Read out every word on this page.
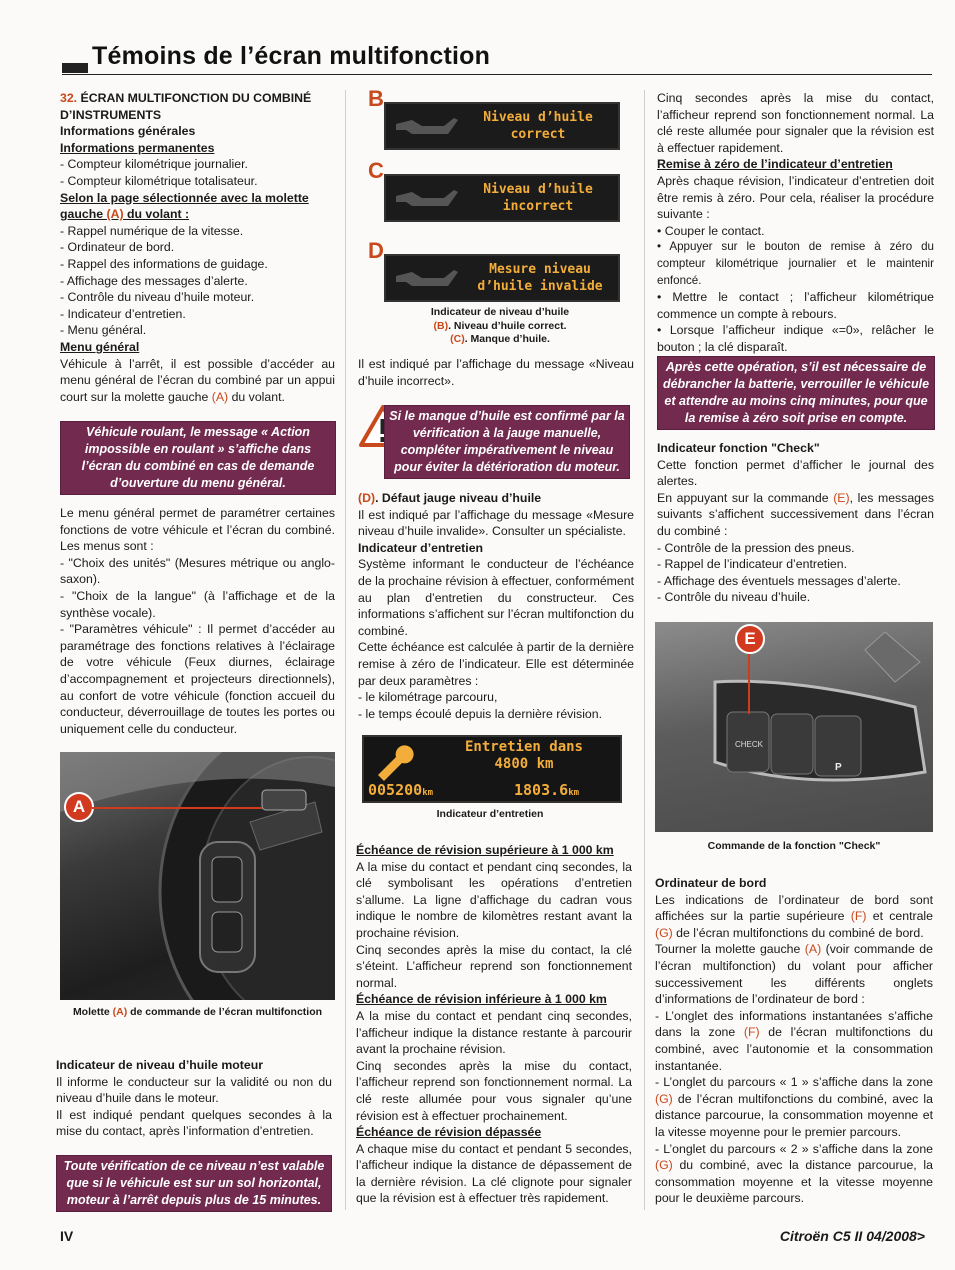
Témoins de l’écran multifonction

32. ÉCRAN MULTIFONCTION DU COMBINÉ D’INSTRUMENTS

Informations générales

Informations permanentes

- Compteur kilométrique journalier.

- Compteur kilométrique totalisateur.

Selon la page sélectionnée avec la molette gauche (A) du volant :

- Rappel numérique de la vitesse.

- Ordinateur de bord.

- Rappel des informations de guidage.

- Affichage des messages d’alerte.

- Contrôle du niveau d’huile moteur.

- Indicateur d’entretien.

- Menu général.

Menu général

Véhicule à l’arrêt, il est possible d’accéder au menu général de l’écran du combiné par un appui court sur la molette gauche (A) du volant.

Véhicule roulant, le message « Action impossible en roulant » s’affiche dans l’écran du combiné en cas de demande d’ouverture du menu général.

Le menu général permet de paramétrer certaines fonctions de votre véhicule et l’écran du combiné. Les menus sont :

- "Choix des unités" (Mesures métrique ou anglo-saxon).

- "Choix de la langue" (à l’affichage et de la synthèse vocale).

- "Paramètres véhicule" : Il permet d’accéder au paramétrage des fonctions relatives à l’éclairage de votre véhicule (Feux diurnes, éclairage d’accompagnement et projecteurs directionnels), au confort de votre véhicule (fonction accueil du conducteur, déverrouillage de toutes les portes ou uniquement celle du conducteur.

A

Molette (A) de commande de l’écran multifonction

Indicateur de niveau d’huile moteur

Il informe le conducteur sur la validité ou non du niveau d’huile dans le moteur.

Il est indiqué pendant quelques secondes à la mise du contact, après l’information d’entretien.

Toute vérification de ce niveau n’est valable que si le véhicule est sur un sol horizontal, moteur à l’arrêt depuis plus de 15 minutes.
B
Niveau d’huile correct
C
Niveau d’huile incorrect
D
Mesure niveau d’huile invalide
Indicateur de niveau d’huile
(B). Niveau d’huile correct.
(C). Manque d’huile.
Il est indiqué par l’affichage du message «Niveau d’huile incorrect».
Si le manque d’huile est confirmé par la vérification à la jauge manuelle, compléter impérativement le niveau pour éviter la détérioration du moteur.

(D). Défaut jauge niveau d’huile

Il est indiqué par l’affichage du message «Mesure niveau d’huile invalide». Consulter un spécialiste.

Indicateur d’entretien

Système informant le conducteur de l’échéance de la prochaine révision à effectuer, conformément au plan d’entretien du constructeur. Ces informations s’affichent sur l’écran multifonction du combiné.

Cette échéance est calculée à partir de la dernière remise à zéro de l’indicateur. Elle est déterminée par deux paramètres :

- le kilométrage parcouru,

- le temps écoulé depuis la dernière révision.

Entretien dans
4800 km
005200km	1803.6km
Indicateur d’entretien

Échéance de révision supérieure à 1 000 km

A la mise du contact et pendant cinq secondes, la clé symbolisant les opérations d’entretien s’allume. La ligne d’affichage du cadran vous indique le nombre de kilomètres restant avant la prochaine révision.

Cinq secondes après la mise du contact, la clé s’éteint. L’afficheur reprend son fonctionnement normal.

Échéance de révision inférieure à 1 000 km

A la mise du contact et pendant cinq secondes, l’afficheur indique la distance restante à parcourir avant la prochaine révision.

Cinq secondes après la mise du contact, l’afficheur reprend son fonctionnement normal. La clé reste allumée pour vous signaler qu’une révision est à effectuer prochainement.

Échéance de révision dépassée

A chaque mise du contact et pendant 5 secondes, l’afficheur indique la distance de dépassement de la dernière révision. La clé clignote pour signaler que la révision est à effectuer très rapidement.

Cinq secondes après la mise du contact, l’afficheur reprend son fonctionnement normal. La clé reste allumée pour signaler que la révision est à effectuer rapidement.

Remise à zéro de l’indicateur d’entretien

Après chaque révision, l’indicateur d’entretien doit être remis à zéro. Pour cela, réaliser la procédure suivante :

• Couper le contact.

• Appuyer sur le bouton de remise à zéro du compteur kilométrique journalier et le maintenir enfoncé.

• Mettre le contact ; l’afficheur kilométrique commence un compte à rebours.

• Lorsque l’afficheur indique «=0», relâcher le bouton ; la clé disparaît.

Après cette opération, s’il est nécessaire de débrancher la batterie, verrouiller le véhicule et attendre au moins cinq minutes, pour que la remise à zéro soit prise en compte.

Indicateur fonction "Check"

Cette fonction permet d’afficher le journal des alertes.

En appuyant sur la commande (E), les messages suivants s’affichent successivement dans l’écran du combiné :

- Contrôle de la pression des pneus.

- Rappel de l’indicateur d’entretien.

- Affichage des éventuels messages d’alerte.

- Contrôle du niveau d’huile.

CHECK
P
E
Commande de la fonction "Check"

Ordinateur de bord

Les indications de l’ordinateur de bord sont affichées sur la partie supérieure (F) et centrale (G) de l’écran multifonctions du combiné de bord.

Tourner la molette gauche (A) (voir commande de l’écran multifonction) du volant pour afficher successivement les différents onglets d’informations de l’ordinateur de bord :

- L’onglet des informations instantanées s’affiche dans la zone (F) de l’écran multifonctions du combiné, avec l’autonomie et la consommation instantanée.

- L’onglet du parcours « 1 » s’affiche dans la zone (G) de l’écran multifonctions du combiné, avec la distance parcourue, la consommation moyenne et la vitesse moyenne pour le premier parcours.

- L’onglet du parcours « 2 » s’affiche dans la zone (G) du combiné, avec la distance parcourue, la consommation moyenne et la vitesse moyenne pour le deuxième parcours.

IV	Citroën C5 II 04/2008>
